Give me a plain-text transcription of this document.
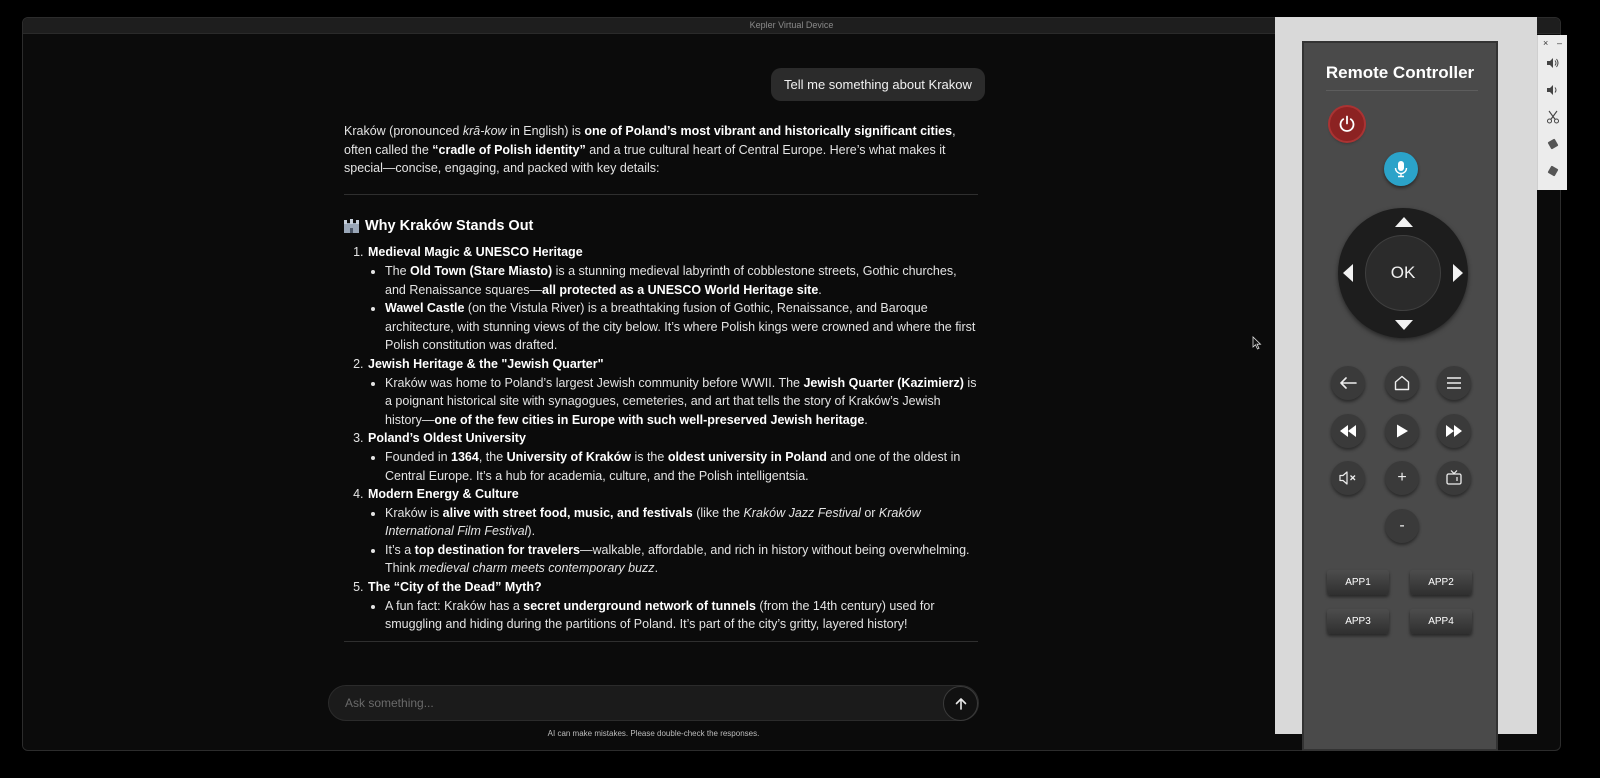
Kepler Virtual Device
Tell me something about Krakow

Kraków (pronounced krā-kow in English) is one of Poland’s most vibrant and historically significant cities, often called the “cradle of Polish identity” and a true cultural heart of Central Europe. Here’s what makes it special—concise, engaging, and packed with key details:

Why Kraków Stands Out
1. Medieval Magic & UNESCO Heritage
• The Old Town (Stare Miasto) is a stunning medieval labyrinth of cobblestone streets, Gothic churches, and Renaissance squares—all protected as a UNESCO World Heritage site.
• Wawel Castle (on the Vistula River) is a breathtaking fusion of Gothic, Renaissance, and Baroque architecture, with stunning views of the city below. It’s where Polish kings were crowned and where the first Polish constitution was drafted.
2. Jewish Heritage & the "Jewish Quarter"
• Kraków was home to Poland’s largest Jewish community before WWII. The Jewish Quarter (Kazimierz) is a poignant historical site with synagogues, cemeteries, and art that tells the story of Kraków’s Jewish history—one of the few cities in Europe with such well-preserved Jewish heritage.
3. Poland’s Oldest University
• Founded in 1364, the University of Kraków is the oldest university in Poland and one of the oldest in Central Europe. It’s a hub for academia, culture, and the Polish intelligentsia.
4. Modern Energy & Culture
• Kraków is alive with street food, music, and festivals (like the Kraków Jazz Festival or Kraków International Film Festival).
• It’s a top destination for travelers—walkable, affordable, and rich in history without being overwhelming. Think medieval charm meets contemporary buzz.
5. The “City of the Dead” Myth?
• A fun fact: Kraków has a secret underground network of tunnels (from the 14th century) used for smuggling and hiding during the partitions of Poland. It’s part of the city’s gritty, layered history!
Ask something...
AI can make mistakes. Please double-check the responses.
Remote Controller
OK
+
-
APP1	APP2
APP3	APP4
× –
